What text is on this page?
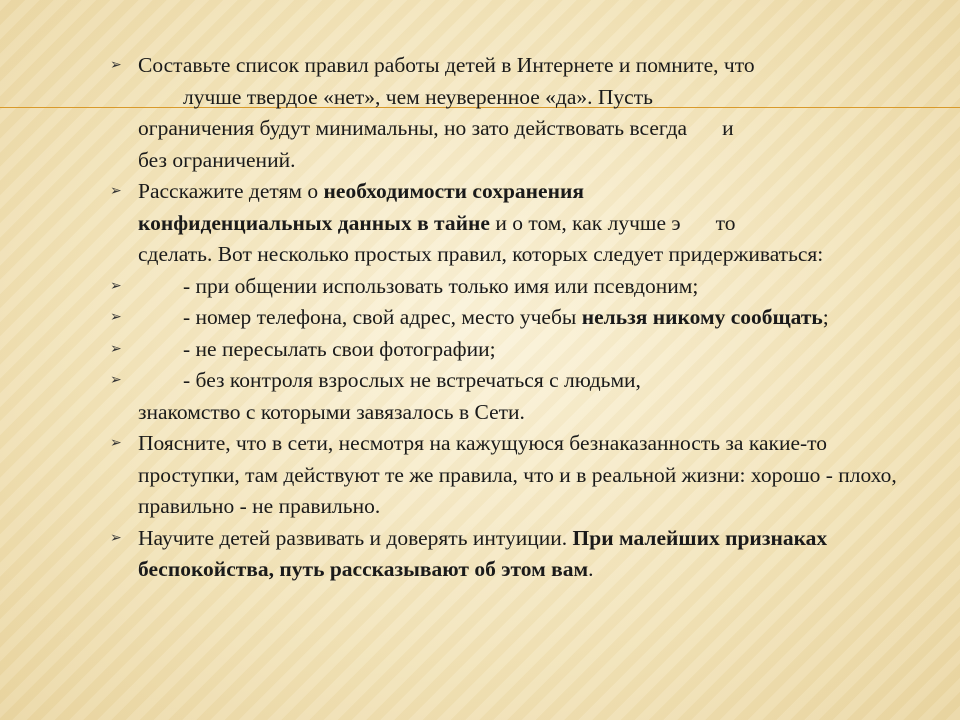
➢ Составьте список правил работы детей в Интернете и помните, что
лучше твердое «нет», чем неуверенное «да». Пусть
ограничения будут минимальны, но зато действовать всегда и
без ограничений.

➢ Расскажите детям о необходимости сохранения
конфиденциальных данных в тайне и о том, как лучше э то
сделать. Вот несколько простых правил, которых следует придерживаться:

➢	- при общении использовать только имя или псевдоним;

➢	- номер телефона, свой адрес, место учебы нельзя никому сообщать;

➢	- не пересылать свои фотографии;

➢	- без контроля взрослых не встречаться с людьми,
знакомство с которыми завязалось в Сети.

➢ Поясните, что в сети, несмотря на кажущуюся безнаказанность за какие-то проступки, там действуют те же правила, что и в реальной жизни: хорошо - плохо, правильно - не правильно.

➢ Научите детей развивать и доверять интуиции. При малейших признаках беспокойства, путь рассказывают об этом вам.
